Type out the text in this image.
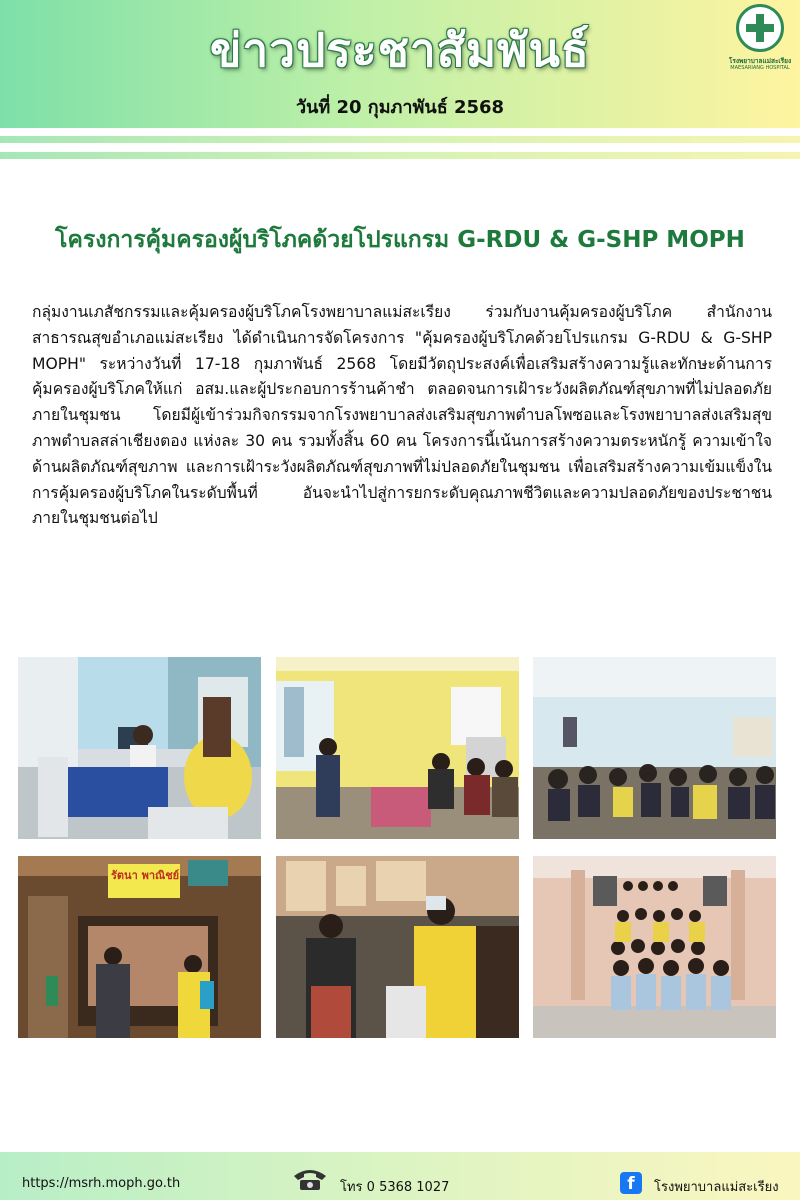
ข่าวประชาสัมพันธ์
วันที่ 20 กุมภาพันธ์ 2568
โรงพยาบาลแม่สะเรียง
MAESARIANG HOSPITAL
โครงการคุ้มครองผู้บริโภคด้วยโปรแกรม G-RDU & G-SHP MOPH
กลุ่มงานเภสัชกรรมและคุ้มครองผู้บริโภคโรงพยาบาลแม่สะเรียง ร่วมกับงานคุ้มครองผู้บริโภค สำนักงานสาธารณสุขอำเภอแม่สะเรียง ได้ดำเนินการจัดโครงการ "คุ้มครองผู้บริโภคด้วยโปรแกรม G-RDU & G-SHP MOPH" ระหว่างวันที่ 17-18 กุมภาพันธ์ 2568 โดยมีวัตถุประสงค์เพื่อเสริมสร้างความรู้และทักษะด้านการคุ้มครองผู้บริโภคให้แก่ อสม.และผู้ประกอบการร้านค้าชำ ตลอดจนการเฝ้าระวังผลิตภัณฑ์สุขภาพที่ไม่ปลอดภัยภายในชุมชน โดยมีผู้เข้าร่วมกิจกรรมจากโรงพยาบาลส่งเสริมสุขภาพตำบลโพซอและโรงพยาบาลส่งเสริมสุขภาพตำบลสล่าเชียงตอง แห่งละ 30 คน รวมทั้งสิ้น 60 คน โครงการนี้เน้นการสร้างความตระหนักรู้ ความเข้าใจด้านผลิตภัณฑ์สุขภาพ และการเฝ้าระวังผลิตภัณฑ์สุขภาพที่ไม่ปลอดภัยในชุมชน เพื่อเสริมสร้างความเข้มแข็งในการคุ้มครองผู้บริโภคในระดับพื้นที่ อันจะนำไปสู่การยกระดับคุณภาพชีวิตและความปลอดภัยของประชาชนภายในชุมชนต่อไป
รัตนา พาณิชย์
https://msrh.moph.go.th	โทร 0 5368 1027	f	โรงพยาบาลแม่สะเรียง
